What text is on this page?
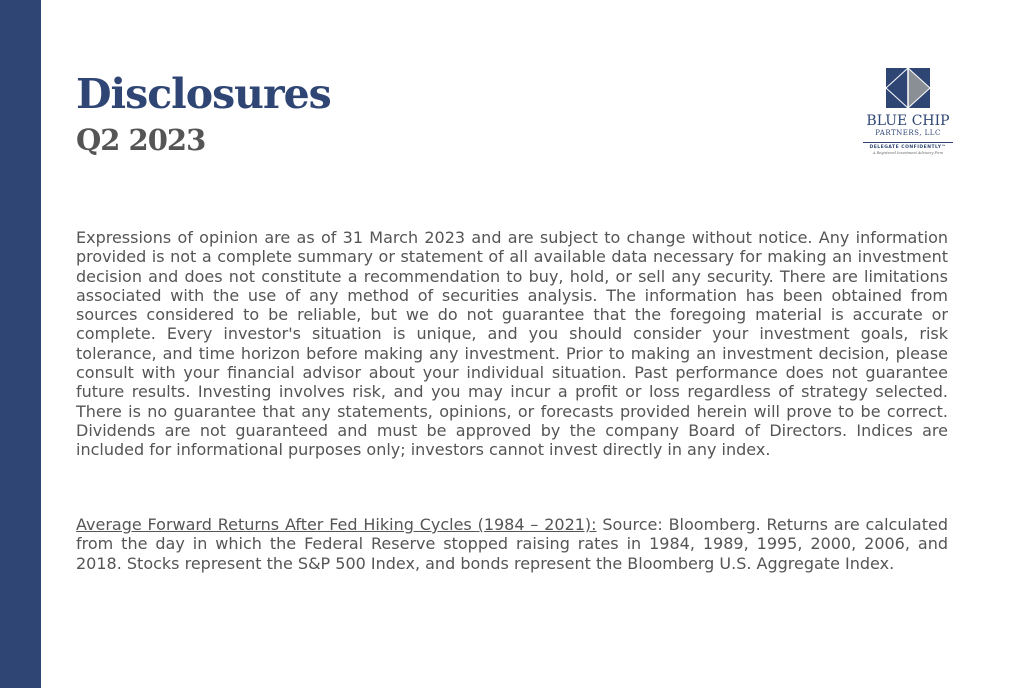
Disclosures
Q2 2023
BLUE CHIP
PARTNERS, LLC
DELEGATE CONFIDENTLY™
A Registered Investment Advisory Firm

Expressions of opinion are as of 31 March 2023 and are subject to change without notice. Any information provided is not a complete summary or statement of all available data necessary for making an investment decision and does not constitute a recommendation to buy, hold, or sell any security. There are limitations associated with the use of any method of securities analysis. The information has been obtained from sources considered to be reliable, but we do not guarantee that the foregoing material is accurate or complete. Every investor's situation is unique, and you should consider your investment goals, risk tolerance, and time horizon before making any investment. Prior to making an investment decision, please consult with your financial advisor about your individual situation. Past performance does not guarantee future results. Investing involves risk, and you may incur a profit or loss regardless of strategy selected. There is no guarantee that any statements, opinions, or forecasts provided herein will prove to be correct. Dividends are not guaranteed and must be approved by the company Board of Directors. Indices are included for informational purposes only; investors cannot invest directly in any index.

Average Forward Returns After Fed Hiking Cycles (1984 – 2021): Source: Bloomberg. Returns are calculated from the day in which the Federal Reserve stopped raising rates in 1984, 1989, 1995, 2000, 2006, and 2018. Stocks represent the S&P 500 Index, and bonds represent the Bloomberg U.S. Aggregate Index.
